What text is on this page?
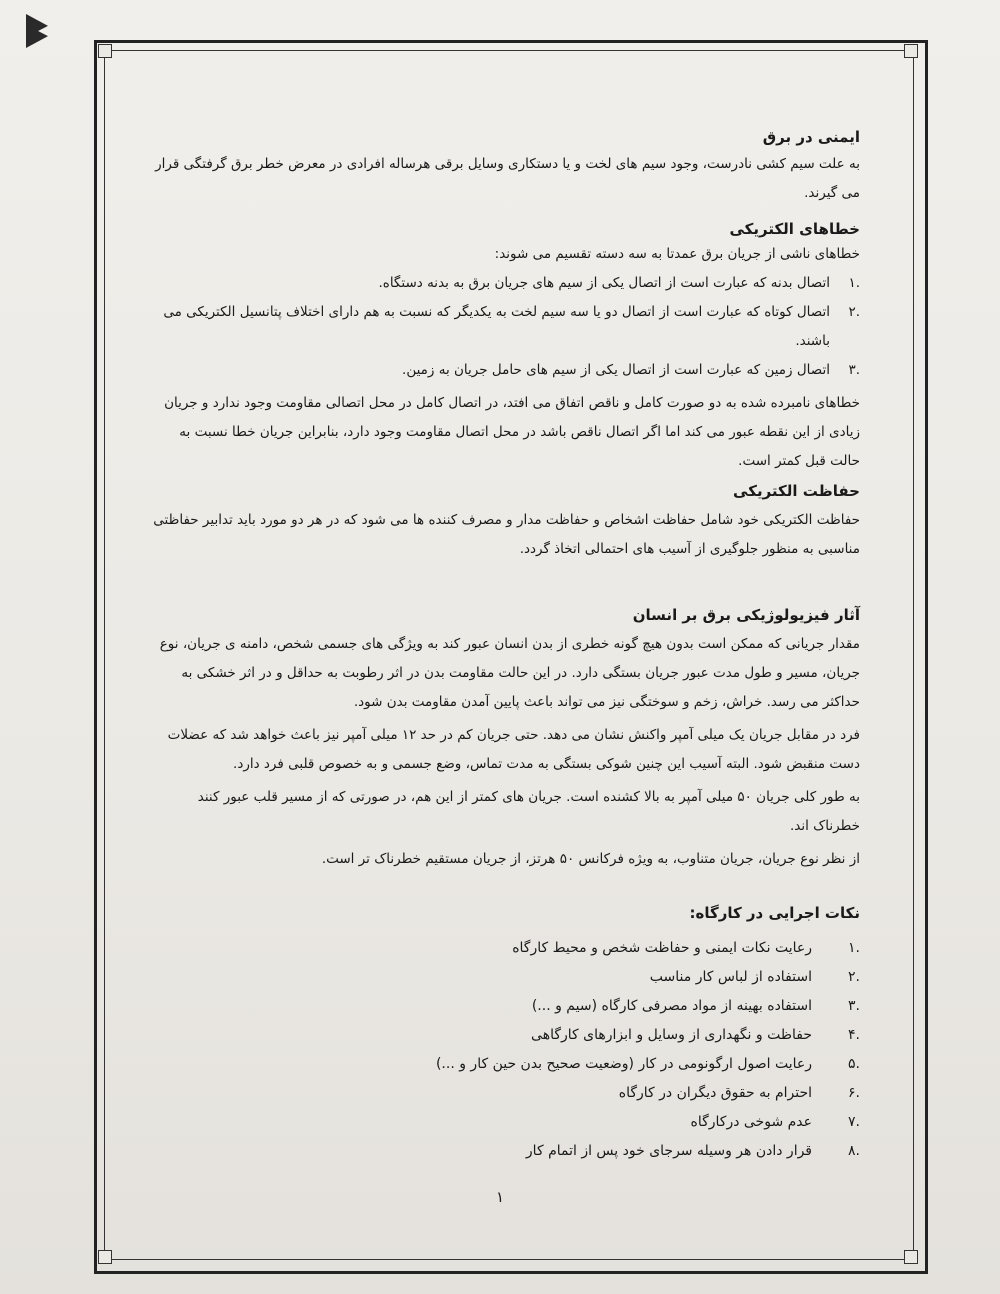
ایمنی در برق

به علت سیم کشی نادرست، وجود سیم های لخت و یا دستکاری وسایل برقی هرساله افرادی در معرض خطر برق گرفتگی قرار می گیرند.

خطاهای الکتریکی

خطاهای ناشی از جریان برق عمدتا به سه دسته تقسیم می شوند:

.۱
اتصال بدنه که عبارت است از اتصال یکی از سیم های جریان برق به بدنه دستگاه.
.۲
اتصال کوتاه که عبارت است از اتصال دو یا سه سیم لخت به یکدیگر که نسبت به هم دارای اختلاف پتانسیل الکتریکی می باشند.
.۳
اتصال زمین که عبارت است از اتصال یکی از سیم های حامل جریان به زمین.

خطاهای نامبرده شده به دو صورت کامل و ناقص اتفاق می افتد، در اتصال کامل در محل اتصالی مقاومت وجود ندارد و جریان زیادی از این نقطه عبور می کند اما اگر اتصال ناقص باشد در محل اتصال مقاومت وجود دارد، بنابراین جریان خطا نسبت به حالت قبل کمتر است.

حفاظت الکتریکی

حفاظت الکتریکی خود شامل حفاظت اشخاص و حفاظت مدار و مصرف کننده ها می شود که در هر دو مورد باید تدابیر حفاظتی مناسبی به منظور جلوگیری از آسیب های احتمالی اتخاذ گردد.

آثار فیزیولوژیکی برق بر انسان

مقدار جریانی که ممکن است بدون هیچ گونه خطری از بدن انسان عبور کند به ویژگی های جسمی شخص، دامنه ی جریان، نوع جریان، مسیر و طول مدت عبور جریان بستگی دارد. در این حالت مقاومت بدن در اثر رطوبت به حداقل و در اثر خشکی به حداکثر می رسد. خراش، زخم و سوختگی نیز می تواند باعث پایین آمدن مقاومت بدن شود.

فرد در مقابل جریان یک میلی آمپر واکنش نشان می دهد. حتی جریان کم در حد ۱۲ میلی آمپر نیز باعث خواهد شد که عضلات دست منقبض شود. البته آسیب این چنین شوکی بستگی به مدت تماس، وضع جسمی و به خصوص قلبی فرد دارد.

به طور کلی جریان ۵۰ میلی آمپر به بالا کشنده است. جریان های کمتر از این هم، در صورتی که از مسیر قلب عبور کنند خطرناک اند.

از نظر نوع جریان، جریان متناوب، به ویژه فرکانس ۵۰ هرتز، از جریان مستقیم خطرناک تر است.

نکات اجرایی در کارگاه:
.۱
رعایت نکات ایمنی و حفاظت شخص و محیط کارگاه
.۲
استفاده از لباس کار مناسب
.۳
استفاده بهینه از مواد مصرفی کارگاه (سیم و ...)
.۴
حفاظت و نگهداری از وسایل و ابزارهای کارگاهی
.۵
رعایت اصول ارگونومی در کار (وضعیت صحیح بدن حین کار و ...)
.۶
احترام به حقوق دیگران در کارگاه
.۷
عدم شوخی درکارگاه
.۸
قرار دادن هر وسیله سرجای خود پس از اتمام کار
۱
